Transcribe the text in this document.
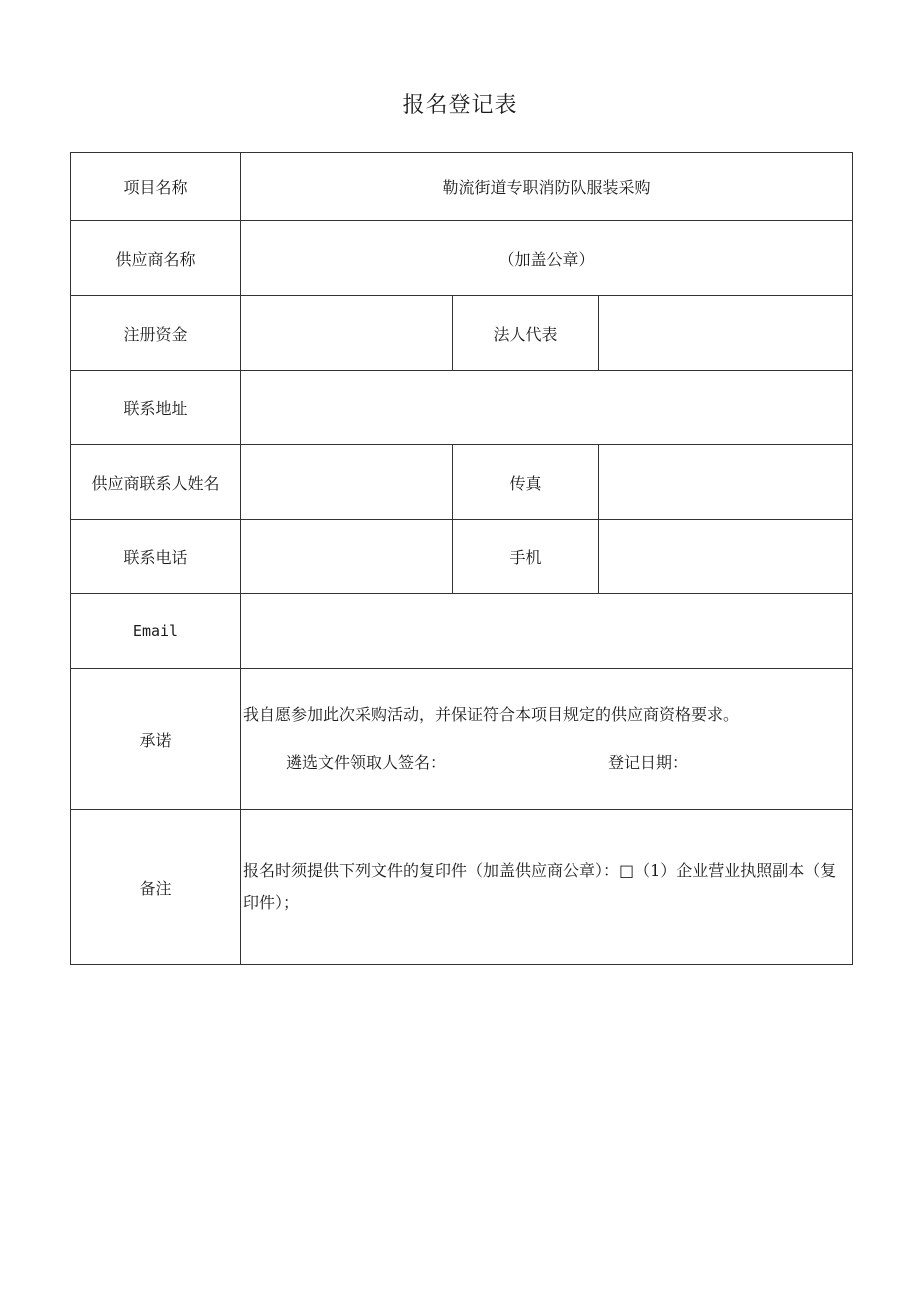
报名登记表
项目名称	勒流街道专职消防队服装采购		
供应商名称	（加盖公章）		
注册资金		法人代表	
联系地址			
供应商联系人姓名		传真	
联系电话		手机	
Email			
承诺	我自愿参加此次采购活动，并保证符合本项目规定的供应商资格要求。
遴选文件领取人签名： 登记日期：		

备注	报名时须提供下列文件的复印件（加盖供应商公章）：□（1）企业营业执照副本（复印件）；		
